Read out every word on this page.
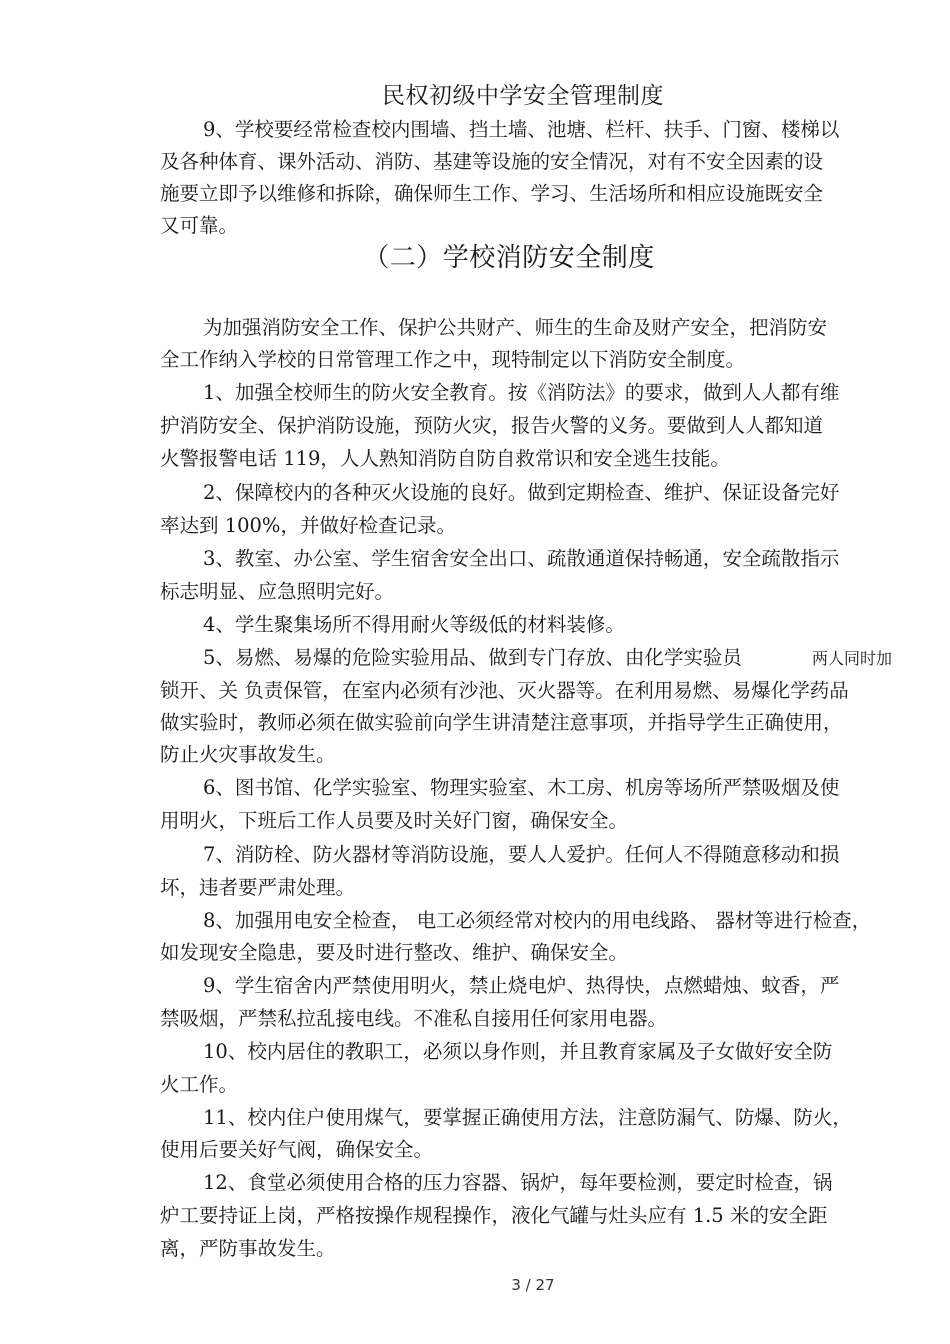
民权初级中学安全管理制度
9、学校要经常检查校内围墙、挡土墙、池塘、栏杆、扶手、门窗、楼梯以
及各种体育、课外活动、消防、基建等设施的安全情况，对有不安全因素的设
施要立即予以维修和拆除，确保师生工作、学习、生活场所和相应设施既安全
又可靠。
（二）学校消防安全制度
为加强消防安全工作、保护公共财产、师生的生命及财产安全，把消防安
全工作纳入学校的日常管理工作之中，现特制定以下消防安全制度。
1、加强全校师生的防火安全教育。按《消防法》的要求，做到人人都有维
护消防安全、保护消防设施，预防火灾，报告火警的义务。要做到人人都知道
火警报警电话 119，人人熟知消防自防自救常识和安全逃生技能。
2、保障校内的各种灭火设施的良好。做到定期检查、维护、保证设备完好
率达到 100%，并做好检查记录。
3、教室、办公室、学生宿舍安全出口、疏散通道保持畅通，安全疏散指示
标志明显、应急照明完好。
4、学生聚集场所不得用耐火等级低的材料装修。
5、易燃、易爆的危险实验用品、做到专门存放、由化学实验员	两人同时加
锁开、关 负责保管，在室内必须有沙池、灭火器等。在利用易燃、易爆化学药品
做实验时，教师必须在做实验前向学生讲清楚注意事项，并指导学生正确使用，
防止火灾事故发生。
6、图书馆、化学实验室、物理实验室、木工房、机房等场所严禁吸烟及使
用明火，下班后工作人员要及时关好门窗，确保安全。
7、消防栓、防火器材等消防设施，要人人爱护。任何人不得随意移动和损
坏，违者要严肃处理。
8、加强用电安全检查， 电工必须经常对校内的用电线路、 器材等进行检查，
如发现安全隐患，要及时进行整改、维护、确保安全。
9、学生宿舍内严禁使用明火，禁止烧电炉、热得快，点燃蜡烛、蚊香，严
禁吸烟，严禁私拉乱接电线。不准私自接用任何家用电器。
10、校内居住的教职工，必须以身作则，并且教育家属及子女做好安全防
火工作。
11、校内住户使用煤气，要掌握正确使用方法，注意防漏气、防爆、防火，
使用后要关好气阀，确保安全。
12、食堂必须使用合格的压力容器、锅炉，每年要检测，要定时检查，锅
炉工要持证上岗，严格按操作规程操作，液化气罐与灶头应有 1.5 米的安全距
离，严防事故发生。
3 / 27
